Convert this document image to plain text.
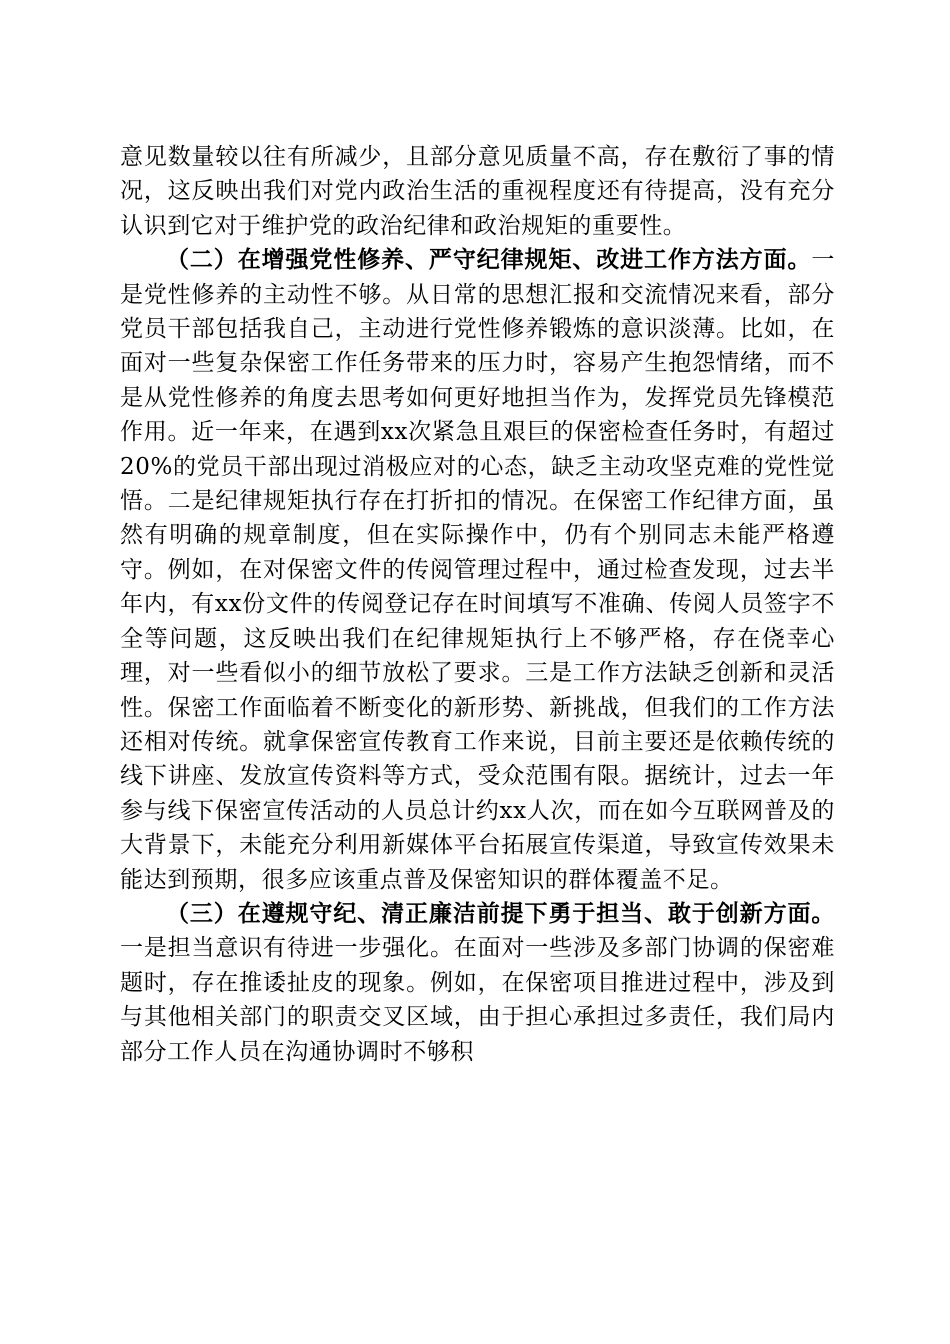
意见数量较以往有所减少，且部分意见质量不高，存在敷衍了事的情况，这反映出我们对党内政治生活的重视程度还有待提高，没有充分认识到它对于维护党的政治纪律和政治规矩的重要性。

（二）在增强党性修养、严守纪律规矩、改进工作方法方面。一是党性修养的主动性不够。从日常的思想汇报和交流情况来看，部分党员干部包括我自己，主动进行党性修养锻炼的意识淡薄。比如，在面对一些复杂保密工作任务带来的压力时，容易产生抱怨情绪，而不是从党性修养的角度去思考如何更好地担当作为，发挥党员先锋模范作用。近一年来，在遇到xx次紧急且艰巨的保密检查任务时，有超过20%的党员干部出现过消极应对的心态，缺乏主动攻坚克难的党性觉悟。二是纪律规矩执行存在打折扣的情况。在保密工作纪律方面，虽然有明确的规章制度，但在实际操作中，仍有个别同志未能严格遵守。例如，在对保密文件的传阅管理过程中，通过检查发现，过去半年内，有xx份文件的传阅登记存在时间填写不准确、传阅人员签字不全等问题，这反映出我们在纪律规矩执行上不够严格，存在侥幸心理，对一些看似小的细节放松了要求。三是工作方法缺乏创新和灵活性。保密工作面临着不断变化的新形势、新挑战，但我们的工作方法还相对传统。就拿保密宣传教育工作来说，目前主要还是依赖传统的线下讲座、发放宣传资料等方式，受众范围有限。据统计，过去一年参与线下保密宣传活动的人员总计约xx人次，而在如今互联网普及的大背景下，未能充分利用新媒体平台拓展宣传渠道，导致宣传效果未能达到预期，很多应该重点普及保密知识的群体覆盖不足。

（三）在遵规守纪、清正廉洁前提下勇于担当、敢于创新方面。一是担当意识有待进一步强化。在面对一些涉及多部门协调的保密难题时，存在推诿扯皮的现象。例如，在保密项目推进过程中，涉及到与其他相关部门的职责交叉区域，由于担心承担过多责任，我们局内部分工作人员在沟通协调时不够积
